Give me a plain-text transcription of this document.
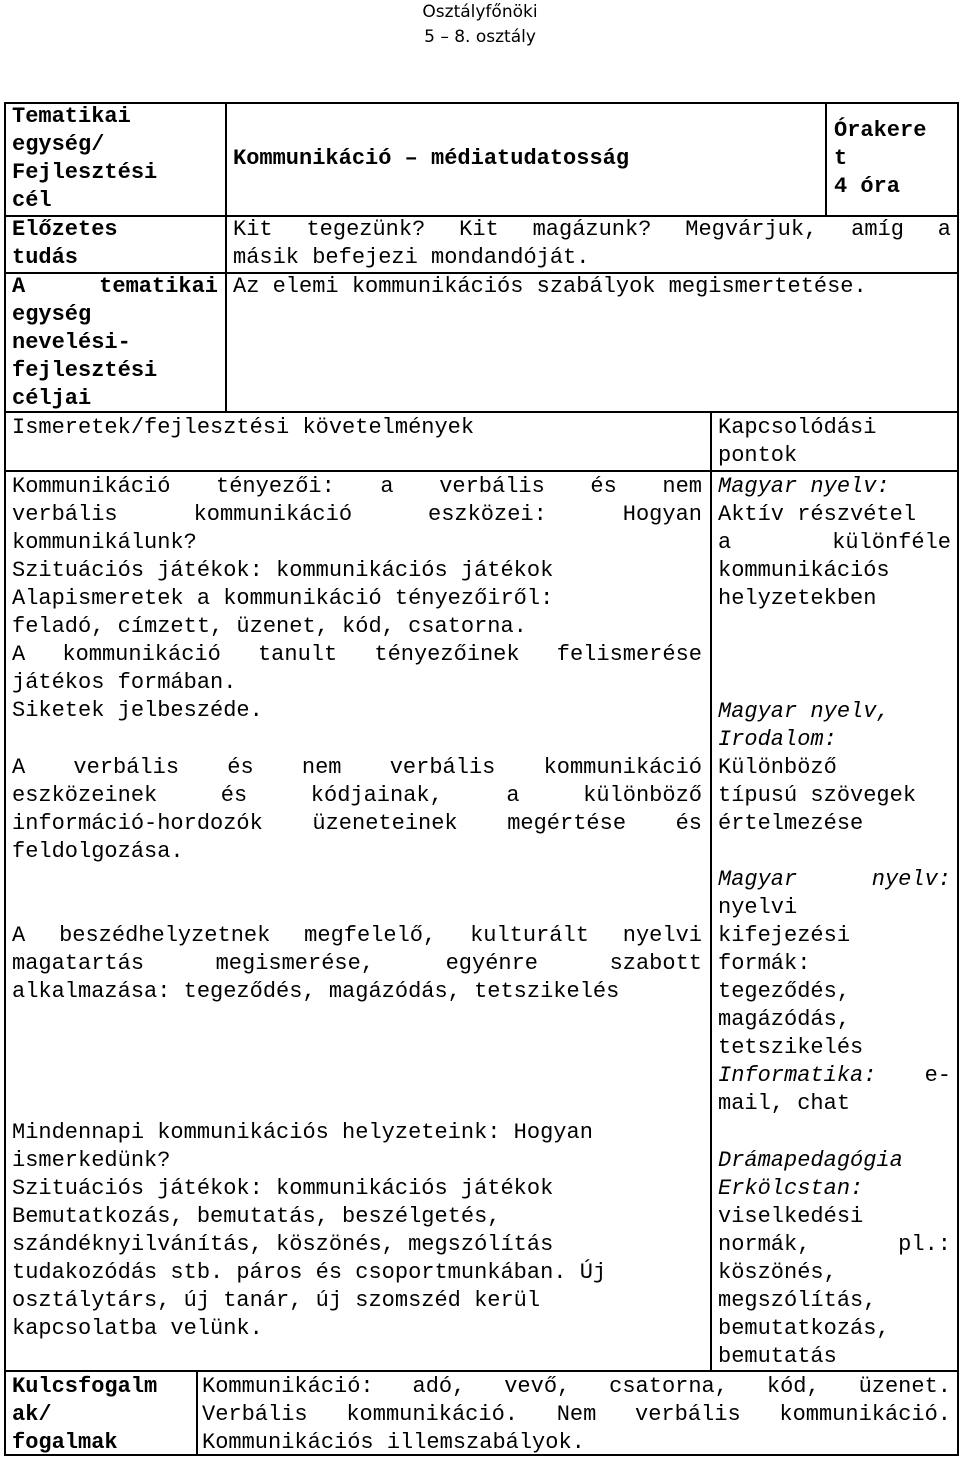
Osztályfőnöki
5 – 8. osztály
Tematikai
egység/
Fejlesztési
cél
Kommunikáció – médiatudatosság
Órakere
t
4 óra
Előzetes
tudás
Kit tegezünk? Kit magázunk? Megvárjuk, amíg a
másik befejezi mondandóját.
A tematikai
egység
nevelési-
fejlesztési
céljai
Az elemi kommunikációs szabályok megismertetése.
Ismeretek/fejlesztési követelmények	Kapcsolódási
pontok
Kommunikáció tényezői: a verbális és nem
verbális kommunikáció eszközei: Hogyan
kommunikálunk?
Szituációs játékok: kommunikációs játékok
Alapismeretek a kommunikáció tényezőiről:
feladó, címzett, üzenet, kód, csatorna.
A kommunikáció tanult tényezőinek felismerése
játékos formában.
Siketek jelbeszéde.
A verbális és nem verbális kommunikáció
eszközeinek és kódjainak, a különböző
információ-hordozók üzeneteinek megértése és
feldolgozása.
A beszédhelyzetnek megfelelő, kulturált nyelvi
magatartás megismerése, egyénre szabott
alkalmazása: tegeződés, magázódás, tetszikelés
Mindennapi kommunikációs helyzeteink: Hogyan
ismerkedünk?
Szituációs játékok: kommunikációs játékok
Bemutatkozás, bemutatás, beszélgetés,
szándéknyilvánítás, köszönés, megszólítás
tudakozódás stb. páros és csoportmunkában. Új
osztálytárs, új tanár, új szomszéd kerül
kapcsolatba velünk.
Magyar nyelv:
Aktív részvétel
a különféle
kommunikációs
helyzetekben
Magyar nyelv,
Irodalom:
Különböző
típusú szövegek
értelmezése
Magyar nyelv:
nyelvi
kifejezési
formák:
tegeződés,
magázódás,
tetszikelés
Informatika: e-
mail, chat
Drámapedagógia
Erkölcstan:
viselkedési
normák, pl.:
köszönés,
megszólítás,
bemutatkozás,
bemutatás
Kulcsfogalm
ak/
fogalmak
Kommunikáció: adó, vevő, csatorna, kód, üzenet.
Verbális kommunikáció. Nem verbális kommunikáció.
Kommunikációs illemszabályok.
